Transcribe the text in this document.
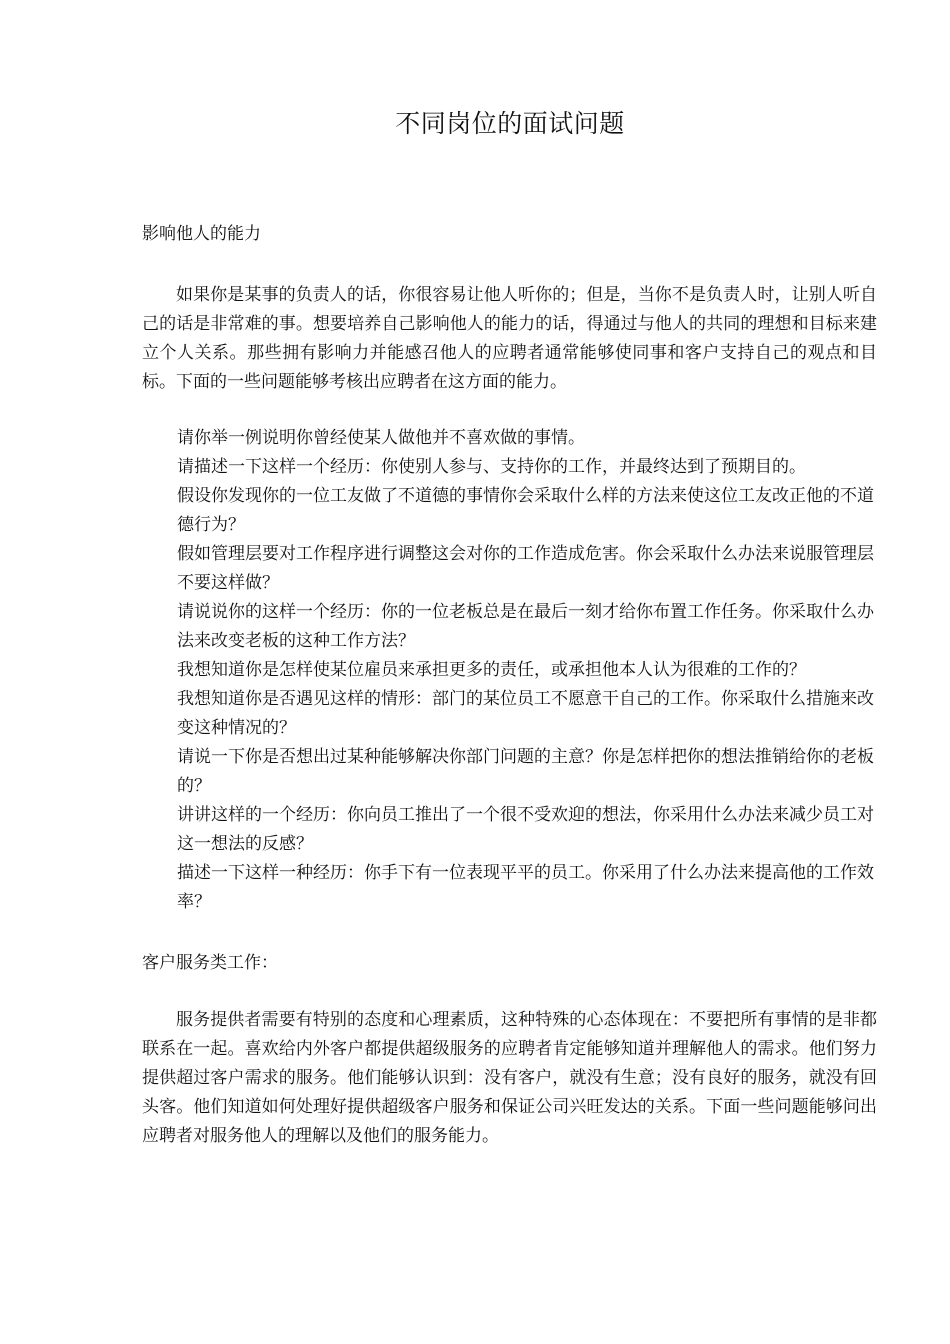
不同岗位的面试问题
影响他人的能力

如果你是某事的负责人的话，你很容易让他人听你的；但是，当你不是负责人时，让别人听自己的话是非常难的事。想要培养自己影响他人的能力的话，得通过与他人的共同的理想和目标来建立个人关系。那些拥有影响力并能感召他人的应聘者通常能够使同事和客户支持自己的观点和目标。下面的一些问题能够考核出应聘者在这方面的能力。

请你举一例说明你曾经使某人做他并不喜欢做的事情。
请描述一下这样一个经历：你使别人参与、支持你的工作，并最终达到了预期目的。
假设你发现你的一位工友做了不道德的事情你会采取什么样的方法来使这位工友改正他的不道德行为？
假如管理层要对工作程序进行调整这会对你的工作造成危害。你会采取什么办法来说服管理层不要这样做？
请说说你的这样一个经历：你的一位老板总是在最后一刻才给你布置工作任务。你采取什么办法来改变老板的这种工作方法？
我想知道你是怎样使某位雇员来承担更多的责任，或承担他本人认为很难的工作的？
我想知道你是否遇见这样的情形：部门的某位员工不愿意干自己的工作。你采取什么措施来改变这种情况的？
请说一下你是否想出过某种能够解决你部门问题的主意？你是怎样把你的想法推销给你的老板的？
讲讲这样的一个经历：你向员工推出了一个很不受欢迎的想法，你采用什么办法来减少员工对这一想法的反感？
描述一下这样一种经历：你手下有一位表现平平的员工。你采用了什么办法来提高他的工作效率？
客户服务类工作：

服务提供者需要有特别的态度和心理素质，这种特殊的心态体现在：不要把所有事情的是非都联系在一起。喜欢给内外客户都提供超级服务的应聘者肯定能够知道并理解他人的需求。他们努力提供超过客户需求的服务。他们能够认识到：没有客户，就没有生意；没有良好的服务，就没有回头客。他们知道如何处理好提供超级客户服务和保证公司兴旺发达的关系。下面一些问题能够问出应聘者对服务他人的理解以及他们的服务能力。
